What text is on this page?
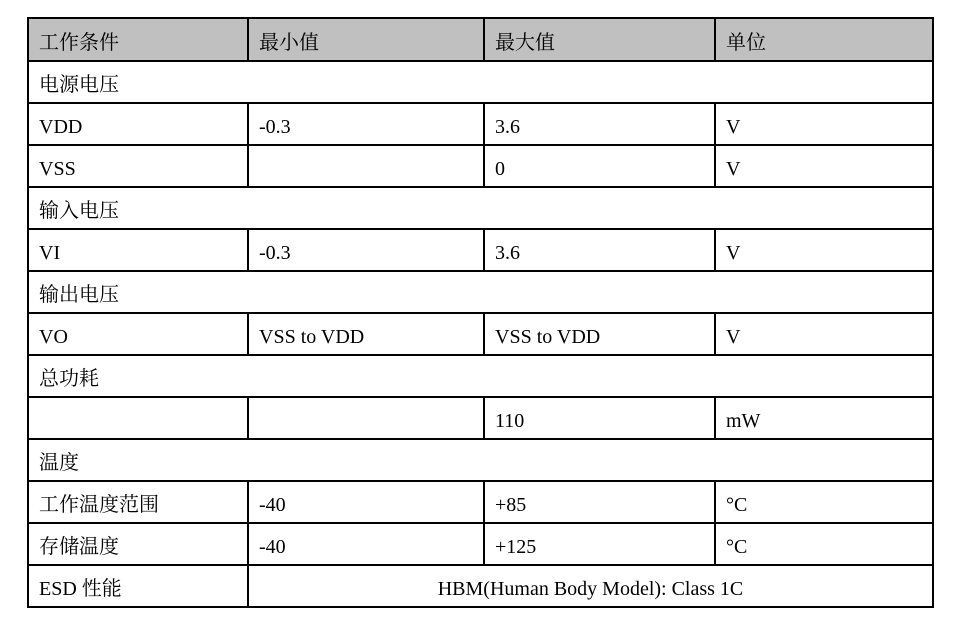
工作条件	最小值	最大值	单位
电源电压			
VDD	-0.3	3.6	V
VSS		0	V
输入电压			
VI	-0.3	3.6	V
输出电压			
VO	VSS to VDD	VSS to VDD	V
总功耗			
		110	mW
温度			
工作温度范围	-40	+85	°C
存储温度	-40	+125	°C
ESD 性能	HBM(Human Body Model): Class 1C		
